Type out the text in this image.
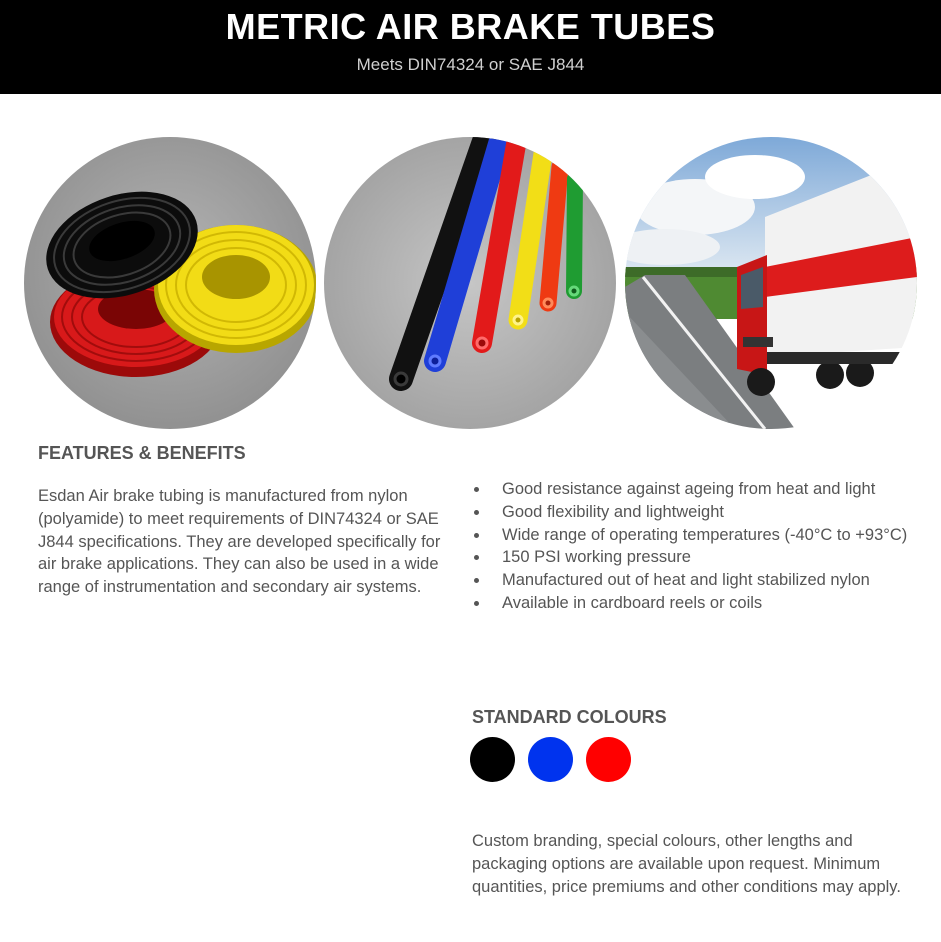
METRIC AIR BRAKE TUBES
Meets DIN74324 or SAE J844
FEATURES & BENEFITS

Esdan Air brake tubing is manufactured from nylon (polyamide) to meet requirements of DIN74324 or SAE J844 specifications. They are developed specifically for air brake applications. They can also be used in a wide range of instrumentation and secondary air systems.

Good resistance against ageing from heat and light
Good flexibility and lightweight
Wide range of operating temperatures (-40°C to +93°C)
150 PSI working pressure
Manufactured out of heat and light stabilized nylon
Available in cardboard reels or coils
STANDARD COLOURS

Custom branding, special colours, other lengths and packaging options are available upon request. Minimum quantities, price premiums and other conditions may apply.
